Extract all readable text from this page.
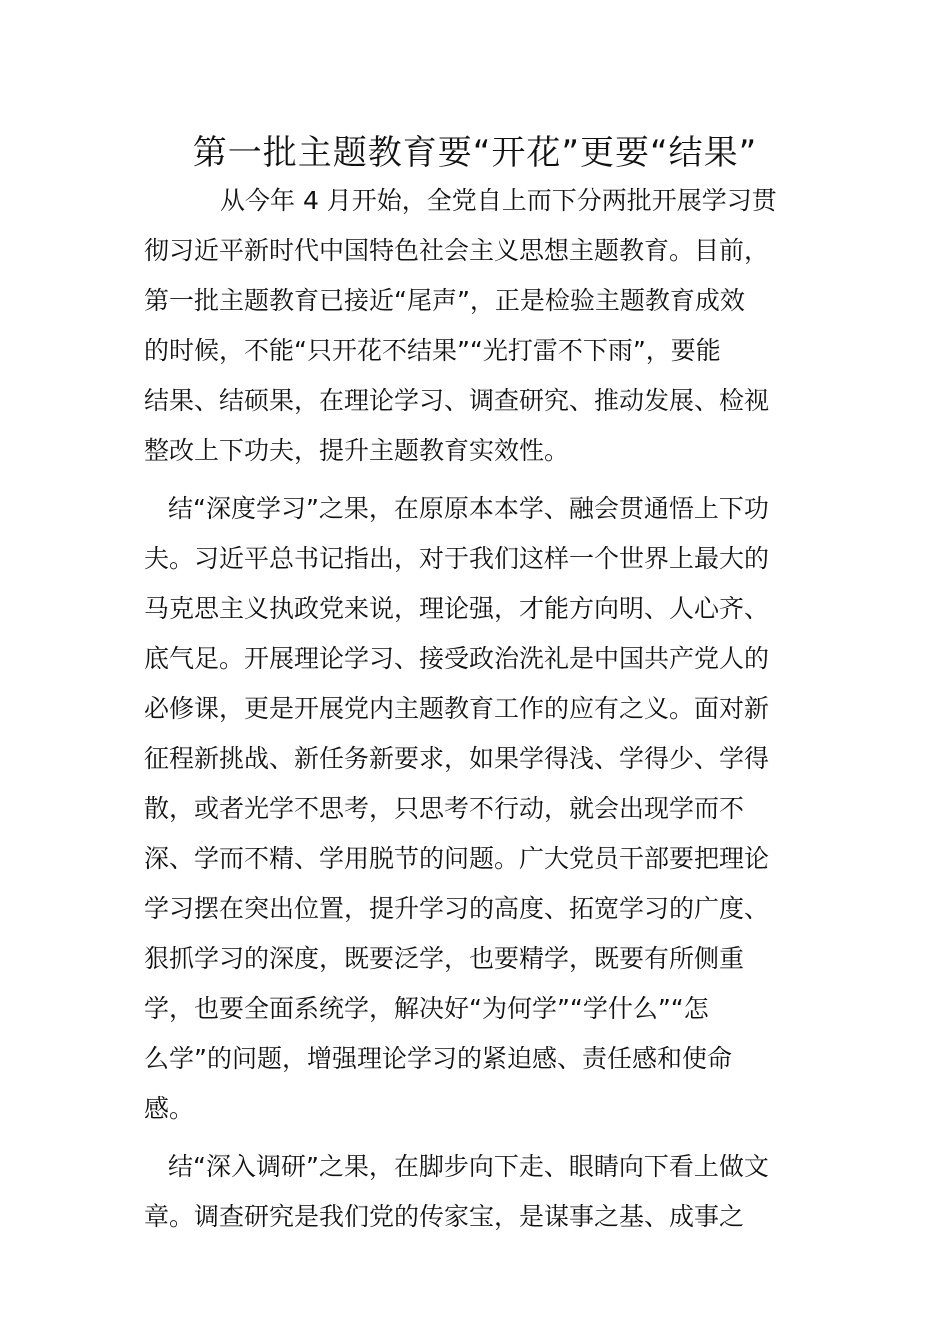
第一批主题教育要“开花”更要“结果”

从今年 4 月开始，全党自上而下分两批开展学习贯
彻习近平新时代中国特色社会主义思想主题教育。目前，
第一批主题教育已接近“尾声”，正是检验主题教育成效
的时候，不能“只开花不结果”“光打雷不下雨”，要能
结果、结硕果，在理论学习、调查研究、推动发展、检视
整改上下功夫，提升主题教育实效性。

结“深度学习”之果，在原原本本学、融会贯通悟上下功
夫。习近平总书记指出，对于我们这样一个世界上最大的
马克思主义执政党来说，理论强，才能方向明、人心齐、
底气足。开展理论学习、接受政治洗礼是中国共产党人的
必修课，更是开展党内主题教育工作的应有之义。面对新
征程新挑战、新任务新要求，如果学得浅、学得少、学得
散，或者光学不思考，只思考不行动，就会出现学而不
深、学而不精、学用脱节的问题。广大党员干部要把理论
学习摆在突出位置，提升学习的高度、拓宽学习的广度、
狠抓学习的深度，既要泛学，也要精学，既要有所侧重
学，也要全面系统学，解决好“为何学”“学什么”“怎
么学”的问题，增强理论学习的紧迫感、责任感和使命
感。

结“深入调研”之果，在脚步向下走、眼睛向下看上做文
章。调查研究是我们党的传家宝，是谋事之基、成事之
